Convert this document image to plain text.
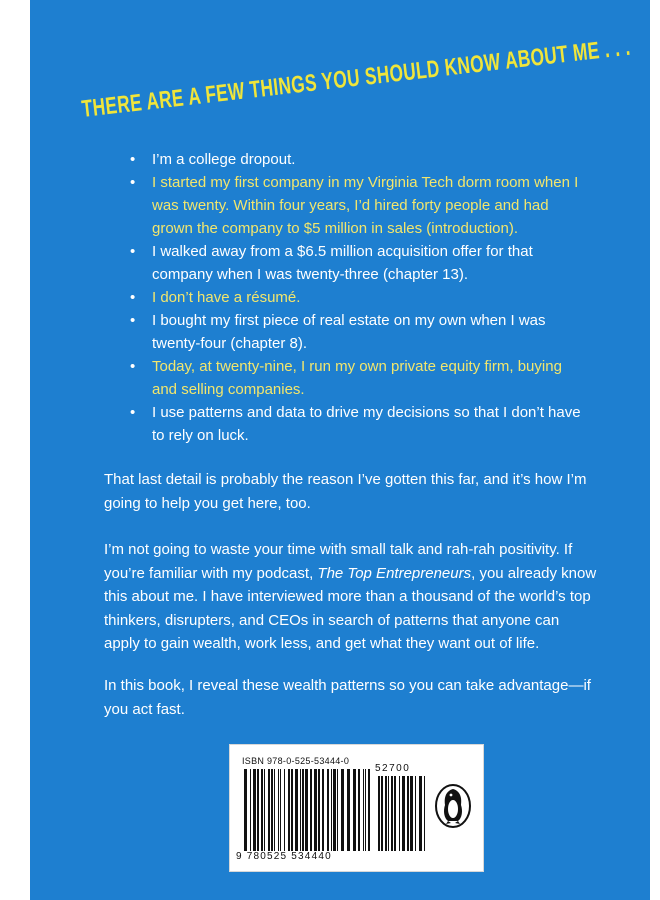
THERE ARE A FEW THINGS YOU SHOULD KNOW ABOUT ME . . .
• I’m a college dropout.
• I started my first company in my Virginia Tech dorm room when I was twenty. Within four years, I’d hired forty people and had grown the company to $5 million in sales (introduction).
• I walked away from a $6.5 million acquisition offer for that company when I was twenty-three (chapter 13).
• I don’t have a résumé.
• I bought my first piece of real estate on my own when I was twenty-four (chapter 8).
• Today, at twenty-nine, I run my own private equity firm, buying and selling companies.
• I use patterns and data to drive my decisions so that I don’t have to rely on luck.

That last detail is probably the reason I’ve gotten this far, and it’s how I’m going to help you get here, too.

I’m not going to waste your time with small talk and rah-rah positivity. If you’re familiar with my podcast, The Top Entrepreneurs, you already know this about me. I have interviewed more than a thousand of the world’s top thinkers, disrupters, and CEOs in search of patterns that anyone can apply to gain wealth, work less, and get what they want out of life.

In this book, I reveal these wealth patterns so you can take advantage—if you act fast.

ISBN 978-0-525-53444-0
52700
9 780525 534440
